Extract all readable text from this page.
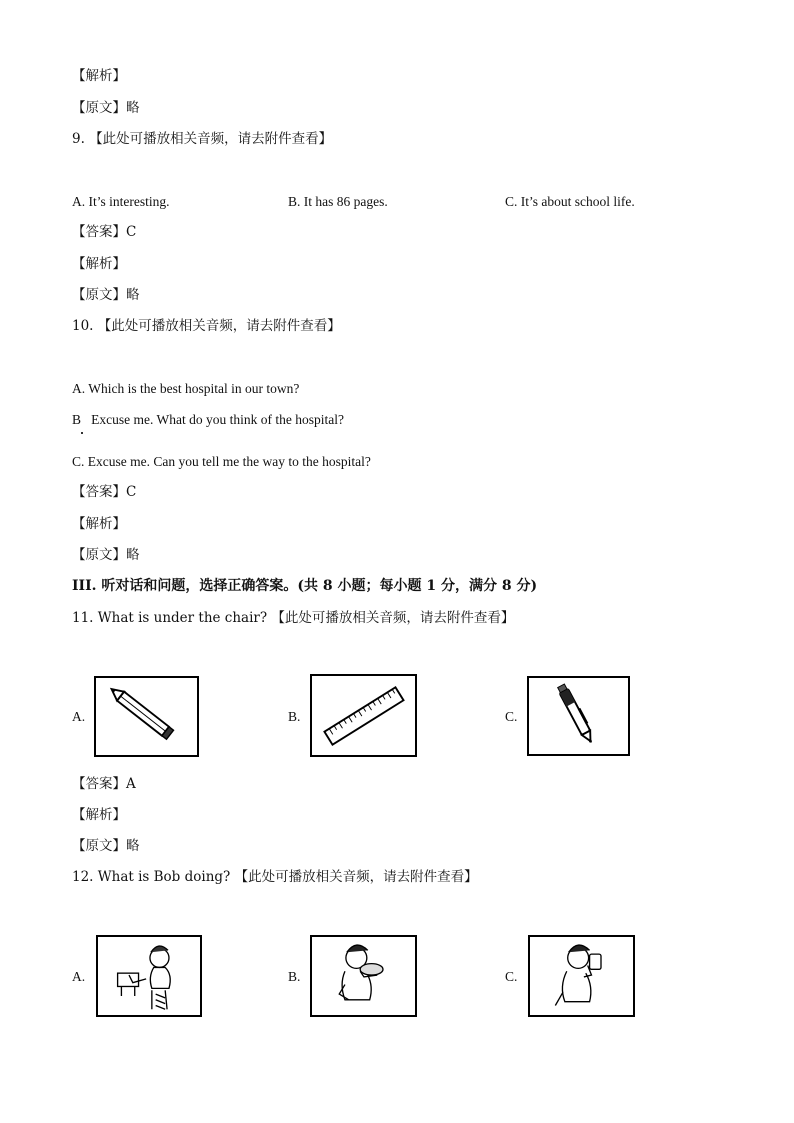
【解析】
【原文】略
9. 【此处可播放相关音频，请去附件查看】
A. It’s interesting.	B. It has 86 pages.	C. It’s about school life.
【答案】C
【解析】
【原文】略
10. 【此处可播放相关音频，请去附件查看】
A. Which is the best hospital in our town?
B   Excuse me. What do you think of the hospital?
C. Excuse me. Can you tell me the way to the hospital?
【答案】C
【解析】
【原文】略
III. 听对话和问题，选择正确答案。(共 8 小题；每小题 1 分，满分 8 分)
11. What is under the chair? 【此处可播放相关音频，请去附件查看】
A.	B.	C.
【答案】A
【解析】
【原文】略
12. What is Bob doing? 【此处可播放相关音频，请去附件查看】
A.	B.	C.
